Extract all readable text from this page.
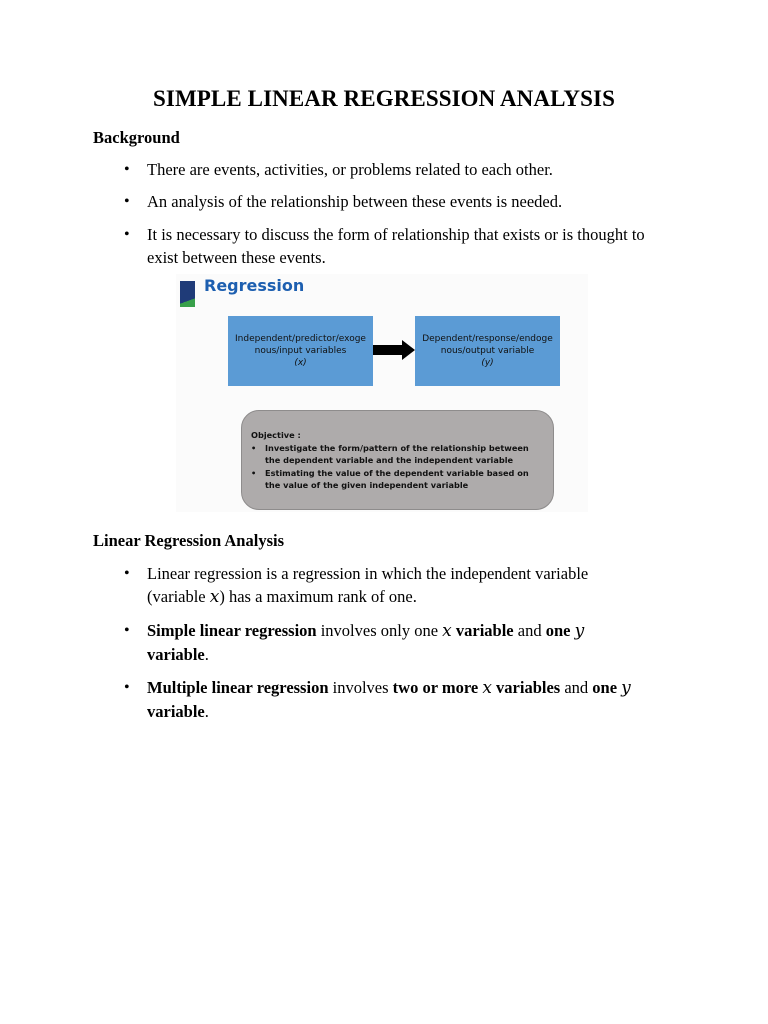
SIMPLE LINEAR REGRESSION ANALYSIS
Background
• There are events, activities, or problems related to each other.
• An analysis of the relationship between these events is needed.
• It is necessary to discuss the form of relationship that exists or is thought to exist between these events.
Regression
Independent/predictor/exoge
nous/input variables
(x)
Dependent/response/endoge
nous/output variable
(y)
Objective :
• Investigate the form/pattern of the relationship between the dependent variable and the independent variable
• Estimating the value of the dependent variable based on the value of the given independent variable
Linear Regression Analysis
• Linear regression is a regression in which the independent variable (variable x) has a maximum rank of one.
• Simple linear regression involves only one x variable and one y variable.
• Multiple linear regression involves two or more x variables and one y variable.
